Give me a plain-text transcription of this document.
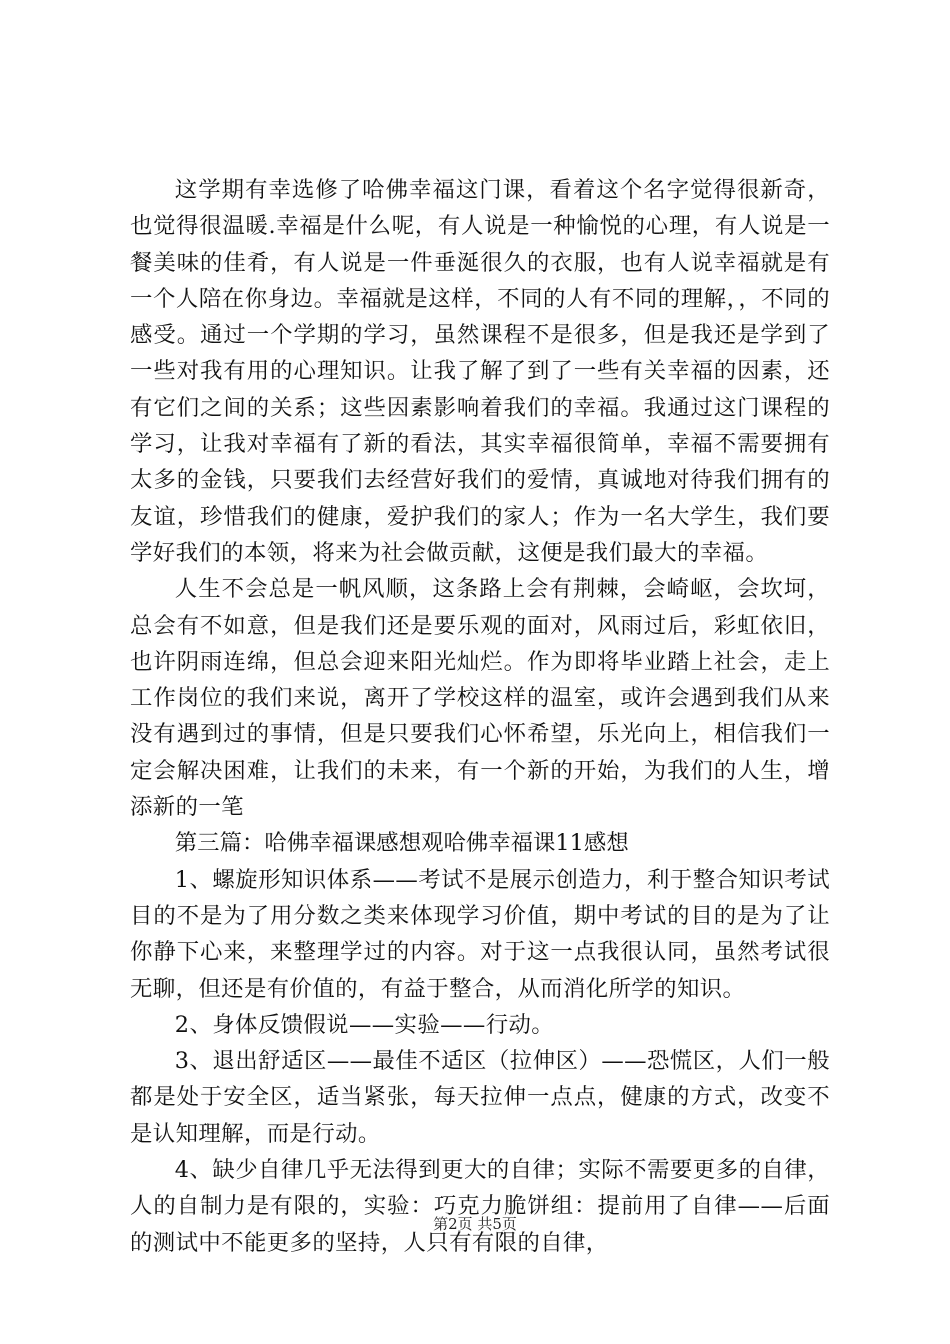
这学期有幸选修了哈佛幸福这门课，看着这个名字觉得很新奇，也觉得很温暖.幸福是什么呢，有人说是一种愉悦的心理，有人说是一餐美味的佳肴，有人说是一件垂涎很久的衣服，也有人说幸福就是有一个人陪在你身边。幸福就是这样，不同的人有不同的理解，，不同的感受。通过一个学期的学习，虽然课程不是很多，但是我还是学到了一些对我有用的心理知识。让我了解了到了一些有关幸福的因素，还有它们之间的关系；这些因素影响着我们的幸福。我通过这门课程的学习，让我对幸福有了新的看法，其实幸福很简单，幸福不需要拥有太多的金钱，只要我们去经营好我们的爱情，真诚地对待我们拥有的友谊，珍惜我们的健康，爱护我们的家人；作为一名大学生，我们要学好我们的本领，将来为社会做贡献，这便是我们最大的幸福。

人生不会总是一帆风顺，这条路上会有荆棘，会崎岖，会坎坷，总会有不如意，但是我们还是要乐观的面对，风雨过后，彩虹依旧，也许阴雨连绵，但总会迎来阳光灿烂。作为即将毕业踏上社会，走上工作岗位的我们来说，离开了学校这样的温室，或许会遇到我们从来没有遇到过的事情，但是只要我们心怀希望，乐光向上，相信我们一定会解决困难，让我们的未来，有一个新的开始，为我们的人生，增添新的一笔

第三篇：哈佛幸福课感想观哈佛幸福课11感想

1、螺旋形知识体系——考试不是展示创造力，利于整合知识考试目的不是为了用分数之类来体现学习价值，期中考试的目的是为了让你静下心来，来整理学过的内容。对于这一点我很认同，虽然考试很无聊，但还是有价值的，有益于整合，从而消化所学的知识。

2、身体反馈假说——实验——行动。

3、退出舒适区——最佳不适区（拉伸区）——恐慌区，人们一般都是处于安全区，适当紧张，每天拉伸一点点，健康的方式，改变不是认知理解，而是行动。

4、缺少自律几乎无法得到更大的自律；实际不需要更多的自律，人的自制力是有限的，实验：巧克力脆饼组：提前用了自律——后面的测试中不能更多的坚持，人只有有限的自律，

第2页 共5页
